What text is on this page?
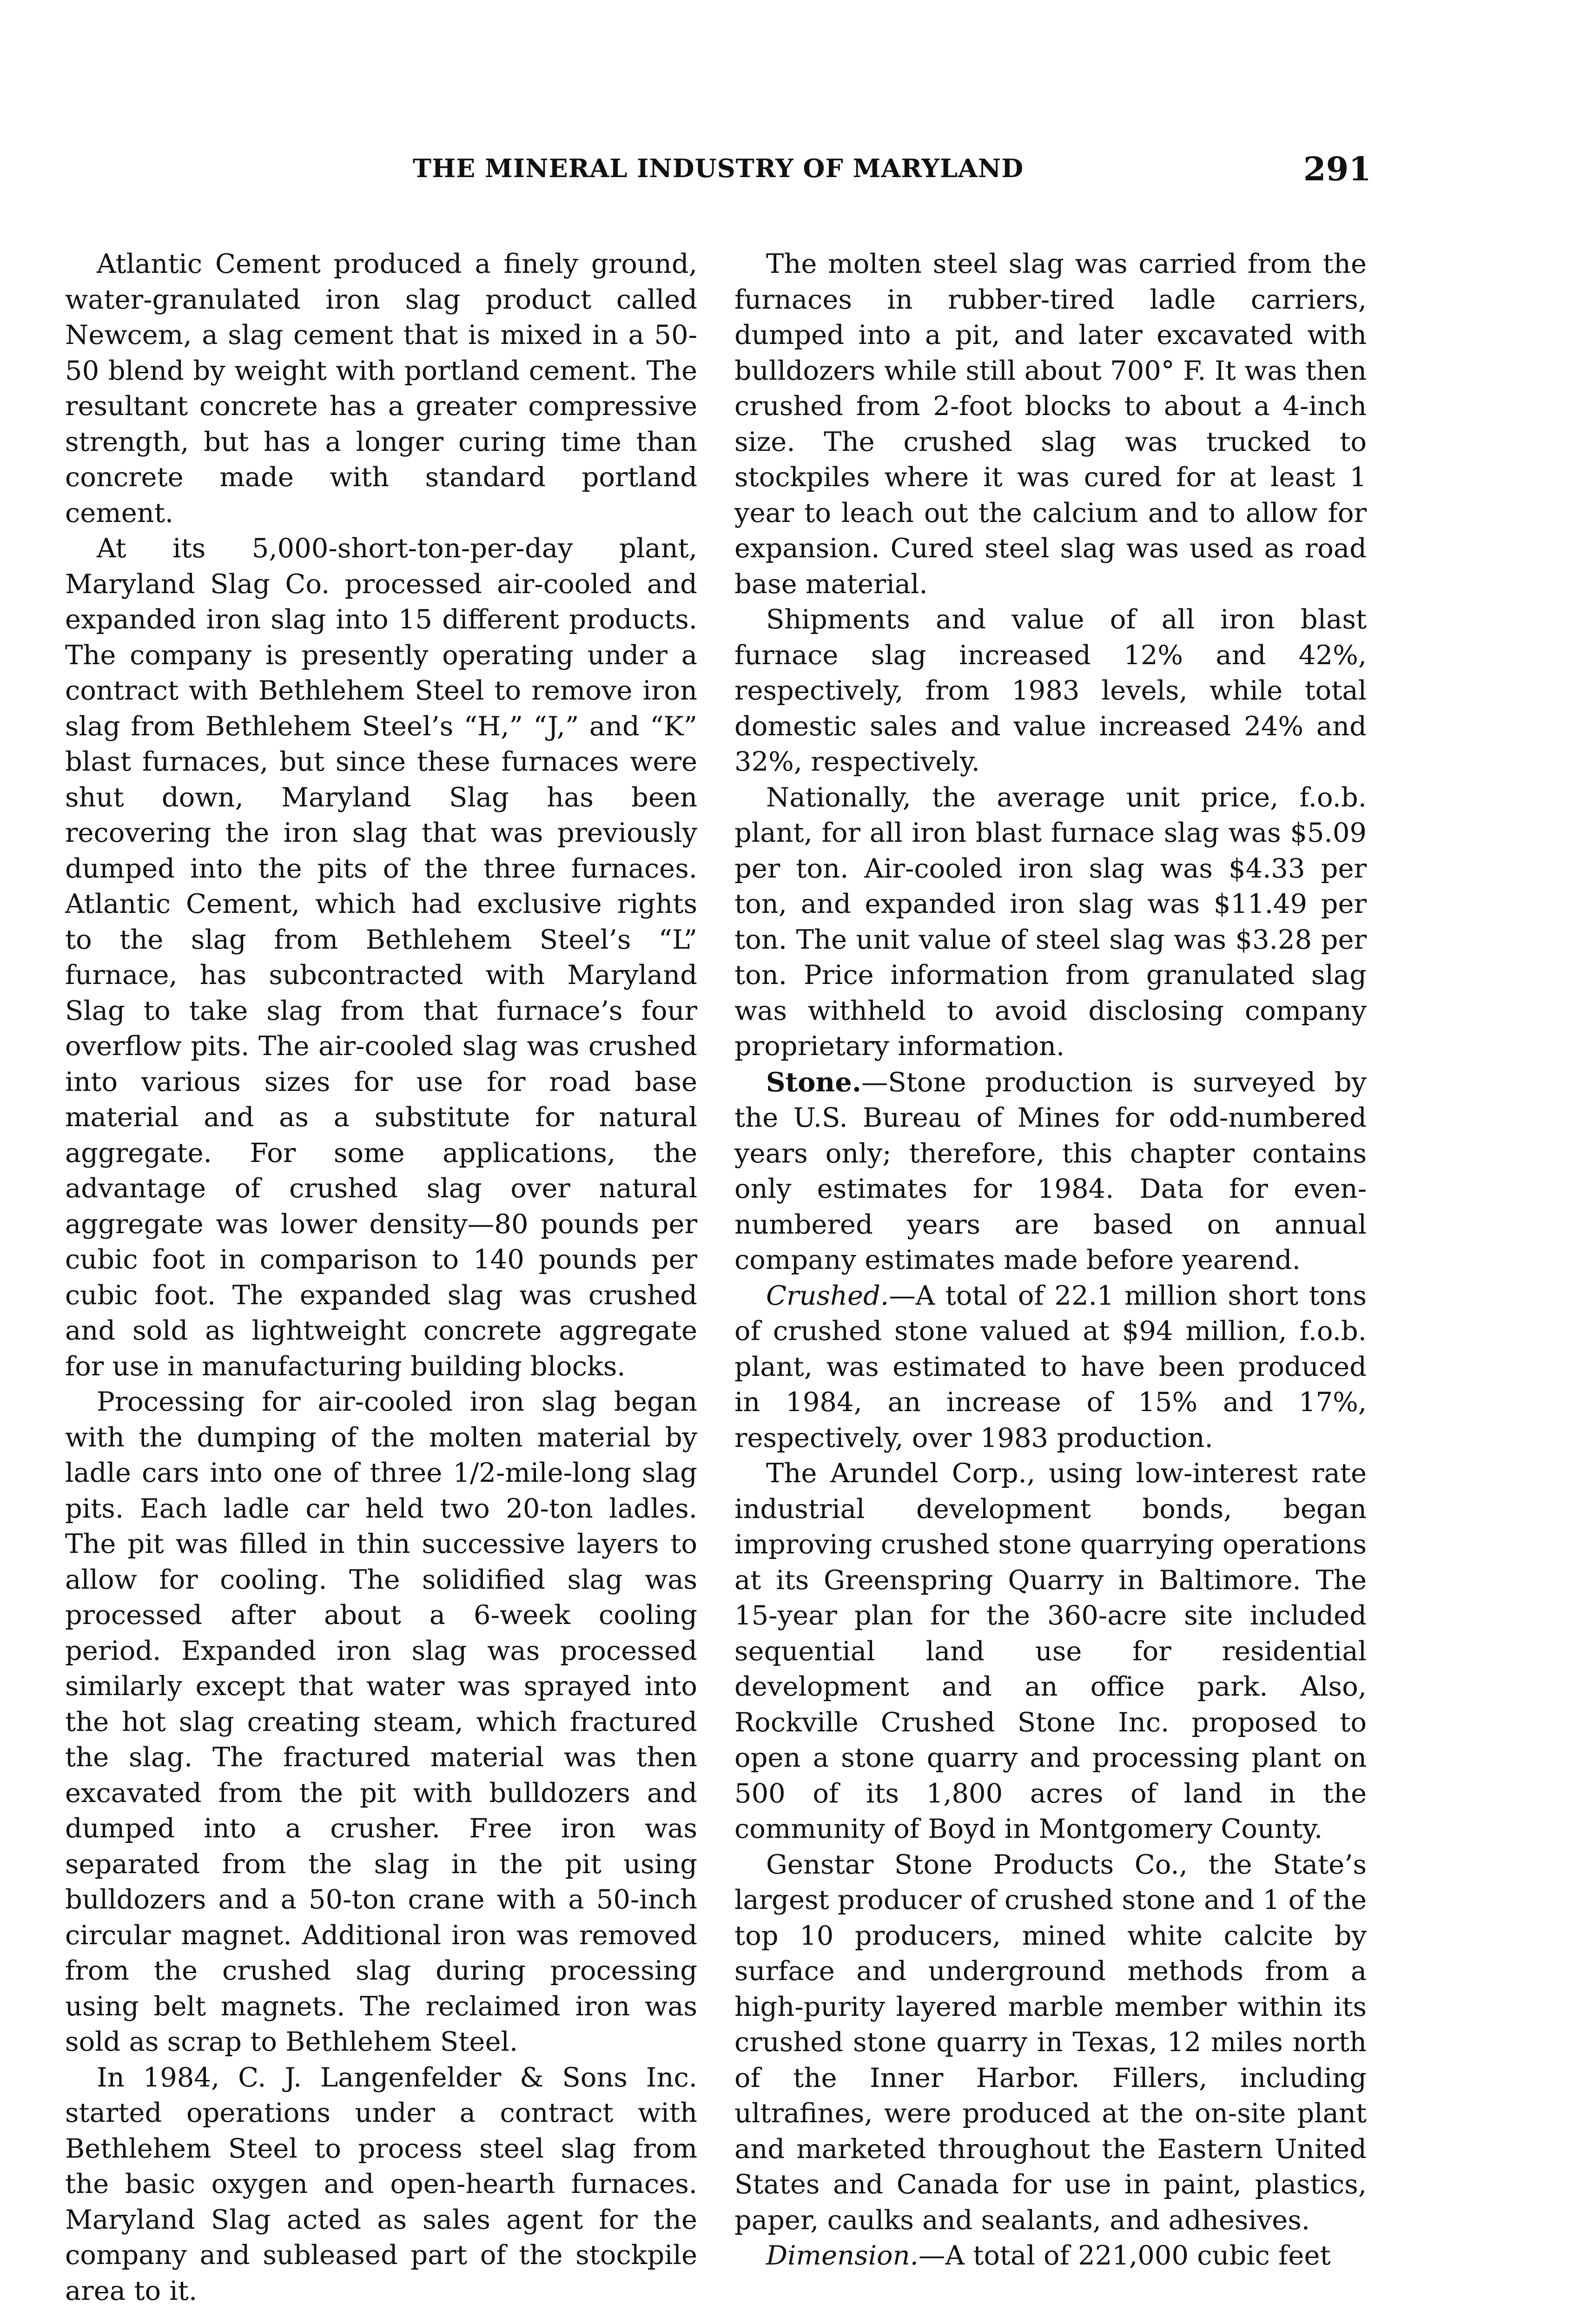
THE MINERAL INDUSTRY OF MARYLAND	291

Atlantic Cement produced a finely ground, water-granulated iron slag product called Newcem, a slag cement that is mixed in a 50-50 blend by weight with portland cement. The resultant concrete has a greater compressive strength, but has a longer curing time than concrete made with standard portland cement.

At its 5,000-short-ton-per-day plant, Maryland Slag Co. processed air-cooled and expanded iron slag into 15 different products. The company is presently operating under a contract with Bethlehem Steel to remove iron slag from Bethlehem Steel’s “H,” “J,” and “K” blast furnaces, but since these furnaces were shut down, Maryland Slag has been recovering the iron slag that was previously dumped into the pits of the three furnaces. Atlantic Cement, which had exclusive rights to the slag from Bethlehem Steel’s “L” furnace, has subcontracted with Maryland Slag to take slag from that furnace’s four overflow pits. The air-cooled slag was crushed into various sizes for use for road base material and as a substitute for natural aggregate. For some applications, the advantage of crushed slag over natural aggregate was lower density—80 pounds per cubic foot in comparison to 140 pounds per cubic foot. The expanded slag was crushed and sold as lightweight concrete aggregate for use in manufacturing building blocks.

Processing for air-cooled iron slag began with the dumping of the molten material by ladle cars into one of three 1/2-mile-long slag pits. Each ladle car held two 20-ton ladles. The pit was filled in thin successive layers to allow for cooling. The solidified slag was processed after about a 6-week cooling period. Expanded iron slag was processed similarly except that water was sprayed into the hot slag creating steam, which fractured the slag. The fractured material was then excavated from the pit with bulldozers and dumped into a crusher. Free iron was separated from the slag in the pit using bulldozers and a 50-ton crane with a 50-inch circular magnet. Additional iron was removed from the crushed slag during processing using belt magnets. The reclaimed iron was sold as scrap to Bethlehem Steel.

In 1984, C. J. Langenfelder & Sons Inc. started operations under a contract with Bethlehem Steel to process steel slag from the basic oxygen and open-hearth furnaces. Maryland Slag acted as sales agent for the company and subleased part of the stockpile area to it.

The molten steel slag was carried from the furnaces in rubber-tired ladle carriers, dumped into a pit, and later excavated with bulldozers while still about 700° F. It was then crushed from 2-foot blocks to about a 4-inch size. The crushed slag was trucked to stockpiles where it was cured for at least 1 year to leach out the calcium and to allow for expansion. Cured steel slag was used as road base material.

Shipments and value of all iron blast furnace slag increased 12% and 42%, respectively, from 1983 levels, while total domestic sales and value increased 24% and 32%, respectively.

Nationally, the average unit price, f.o.b. plant, for all iron blast furnace slag was $5.09 per ton. Air-cooled iron slag was $4.33 per ton, and expanded iron slag was $11.49 per ton. The unit value of steel slag was $3.28 per ton. Price information from granulated slag was withheld to avoid disclosing company proprietary information.

Stone.—Stone production is surveyed by the U.S. Bureau of Mines for odd-numbered years only; therefore, this chapter contains only estimates for 1984. Data for even-numbered years are based on annual company estimates made before yearend.

Crushed.—A total of 22.1 million short tons of crushed stone valued at $94 million, f.o.b. plant, was estimated to have been produced in 1984, an increase of 15% and 17%, respectively, over 1983 production.

The Arundel Corp., using low-interest rate industrial development bonds, began improving crushed stone quarrying operations at its Greenspring Quarry in Baltimore. The 15-year plan for the 360-acre site included sequential land use for residential development and an office park. Also, Rockville Crushed Stone Inc. proposed to open a stone quarry and processing plant on 500 of its 1,800 acres of land in the community of Boyd in Montgomery County.

Genstar Stone Products Co., the State’s largest producer of crushed stone and 1 of the top 10 producers, mined white calcite by surface and underground methods from a high-purity layered marble member within its crushed stone quarry in Texas, 12 miles north of the Inner Harbor. Fillers, including ultrafines, were produced at the on-site plant and marketed throughout the Eastern United States and Canada for use in paint, plastics, paper, caulks and sealants, and adhesives.

Dimension.—A total of 221,000 cubic feet
